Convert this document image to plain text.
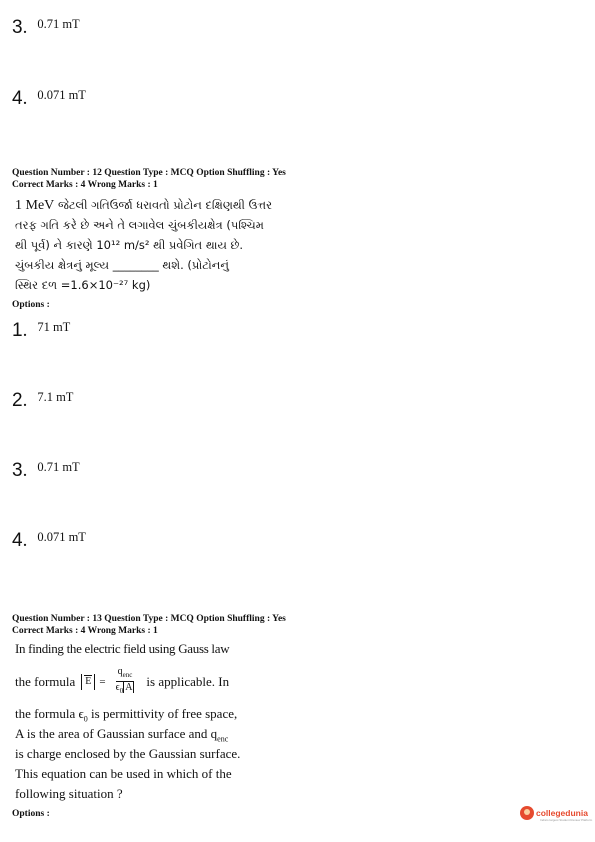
3 . 0.71 mT
4 . 0.071 mT
Question Number : 12 Question Type : MCQ Option Shuffling : Yes
Correct Marks : 4 Wrong Marks : 1
1 MeV જેટલી ગતિઉર્જા ધરાવતો પ્રોટોન દક્ષિણથી ઉત્તર
તરફ ગતિ કરે છે અને તે લગાવેલ ચુંબકીયક્ષેત્ર (પશ્ચિમ
થી પૂર્વ) ને કારણે 10¹² m/s² થી પ્રવેગિત થાય છે.
ચુંબકીય ક્ષેત્રનું મૂલ્ય ________ થશે. (પ્રોટોનનું
સ્થિર દળ =1.6×10⁻²⁷ kg)
Options :
1 . 71 mT
2 . 7.1 mT
3 . 0.71 mT
4 . 0.071 mT
Question Number : 13 Question Type : MCQ Option Shuffling : Yes
Correct Marks : 4 Wrong Marks : 1
In finding the electric field using Gauss law
the formula	$E = \frac{q_{enc}}{\epsilon_0 A}$ is applicable. In
the formula $\epsilon_0$ is permittivity of free space,
A is the area of Gaussian surface and $q_{enc}$
is charge enclosed by the Gaussian surface.
This equation can be used in which of the
following situation ?
Options :	collegedunia
India's largest Student Review Platform
